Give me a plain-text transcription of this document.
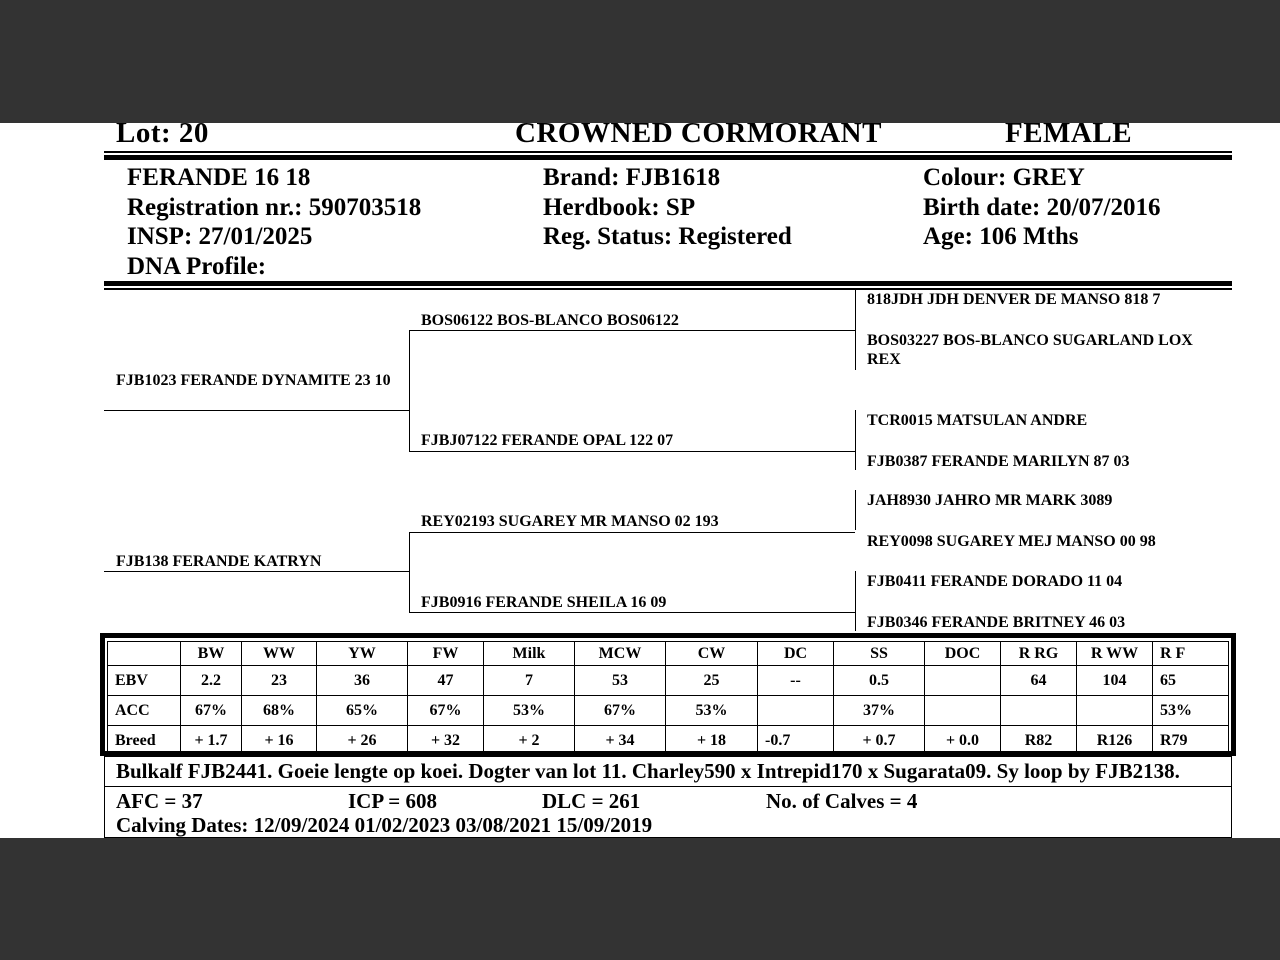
Lot: 20	CROWNED CORMORANT	FEMALE
FERANDE 16 18
Registration nr.: 590703518
INSP: 27/01/2025
DNA Profile:
Brand: FJB1618
Herdbook: SP
Reg. Status: Registered
Colour: GREY
Birth date: 20/07/2016
Age: 106 Mths
FJB1023 FERANDE DYNAMITE 23 10
FJB138 FERANDE KATRYN
BOS06122 BOS-BLANCO BOS06122
FJBJ07122 FERANDE OPAL 122 07
REY02193 SUGAREY MR MANSO 02 193
FJB0916 FERANDE SHEILA 16 09
818JDH JDH DENVER DE MANSO 818 7
BOS03227 BOS-BLANCO SUGARLAND LOX REX
TCR0015 MATSULAN ANDRE
FJB0387 FERANDE MARILYN 87 03
JAH8930 JAHRO MR MARK 3089
REY0098 SUGAREY MEJ MANSO 00 98
FJB0411 FERANDE DORADO 11 04
FJB0346 FERANDE BRITNEY 46 03
	BW	WW	YW	FW	Milk	MCW	CW	DC	SS	DOC	R RG	R WW	R F
EBV	2.2	23	36	47	7	53	25	--	0.5		64	104	65
ACC	67%	68%	65%	67%	53%	67%	53%		37%				53%
Breed	+ 1.7	+ 16	+ 26	+ 32	+ 2	+ 34	+ 18	-0.7	+ 0.7	+ 0.0	R82	R126	R79
Bulkalf FJB2441. Goeie lengte op koei. Dogter van lot 11. Charley590 x Intrepid170 x Sugarata09. Sy loop by FJB2138.
AFC = 37	ICP = 608	DLC = 261	No. of Calves = 4
Calving Dates: 12/09/2024 01/02/2023 03/08/2021 15/09/2019
